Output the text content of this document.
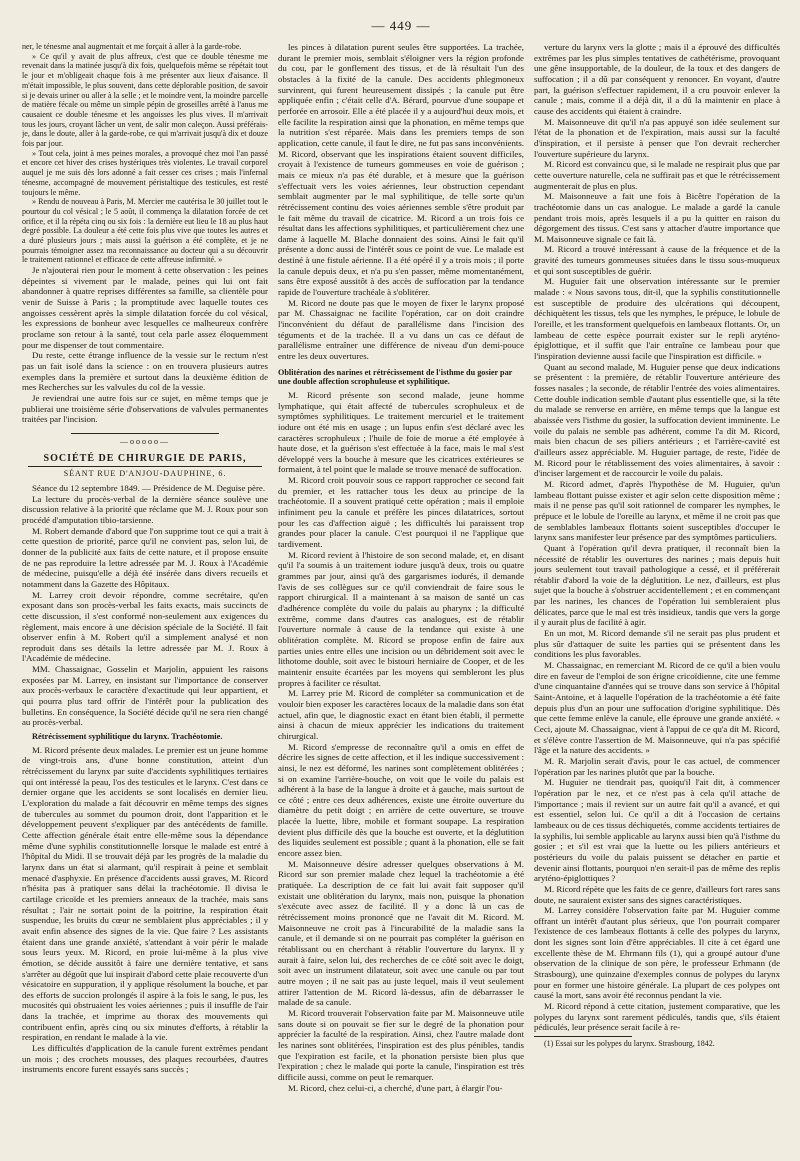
— 449 —

ner, le ténesme anal augmentait et me forçait à aller à la garde-robe.

» Ce qu'il y avait de plus affreux, c'est que ce double ténesme me revenait dans la matinée jusqu'à dix fois, quelquefois même se répétait tout le jour et m'obligeait chaque fois à me présenter aux lieux d'aisance. Il m'était impossible, le plus souvent, dans cette déplorable position, de savoir si je devais uriner ou aller à la selle ; et le moindre vent, la moindre parcelle de matière fécale ou même un simple pépin de groseilles arrêté à l'anus me causaient ce double ténesme et les angoisses les plus vives. Il m'arrivait tous les jours, croyant lâcher un vent, de salir mon caleçon. Aussi préférais-je, dans le doute, aller à la garde-robe, ce qui m'arrivait jusqu'à dix et douze fois par jour.

» Tout cela, joint à mes peines morales, a provoqué chez moi l'an passé et encore cet hiver des crises hystériques très violentes. Le travail corporel auquel je me suis dès lors adonné a fait cesser ces crises ; mais l'infernal ténesme, accompagné de mouvement péristaltique des testicules, est resté toujours le même.

» Rendu de nouveau à Paris, M. Mercier me cautérisa le 30 juillet tout le pourtour du col vésical ; le 5 août, il commença la dilatation forcée de cet orifice, et il la répéta cinq ou six fois : la dernière eut lieu le 18 au plus haut degré possible. La douleur a été cette fois plus vive que toutes les autres et a duré plusieurs jours ; mais aussi la guérison a été complète, et je ne pourrais témoigner assez ma reconnaissance au docteur qui a su découvrir le traitement rationnel et efficace de cette affreuse infirmité. »

Je n'ajouterai rien pour le moment à cette observation : les peines dépeintes si vivement par le malade, peines qui lui ont fait abandonner à quatre reprises différentes sa famille, sa clientèle pour venir de Suisse à Paris ; la promptitude avec laquelle toutes ces angoisses cessèrent après la simple dilatation forcée du col vésical, les expressions de bonheur avec lesquelles ce malheureux confrère proclame son retour à la santé, tout cela parle assez éloquemment pour me dispenser de tout commentaire.

Du reste, cette étrange influence de la vessie sur le rectum n'est pas un fait isolé dans la science : on en trouvera plusieurs autres exemples dans la première et surtout dans la deuxième édition de mes Recherches sur les valvules du col de la vessie.

Je reviendrai une autre fois sur ce sujet, en même temps que je publierai une troisième série d'observations de valvules permanentes traitées par l'incision.

—ooooo—
SOCIÉTÉ DE CHIRURGIE DE PARIS,
SÉANT RUE D'ANJOU-DAUPHINE, 6.

Séance du 12 septembre 1849. — Présidence de M. Deguise père.

La lecture du procès-verbal de la dernière séance soulève une discussion relative à la priorité que réclame que M. J. Roux pour son procédé d'amputation tibio-tarsienne.

M. Robert demande d'abord que l'on supprime tout ce qui a trait à cette question de priorité, parce qu'il ne convient pas, selon lui, de donner de la publicité aux faits de cette nature, et il propose ensuite de ne pas reproduire la lettre adressée par M. J. Roux à l'Académie de médecine, puisqu'elle a déjà été insérée dans divers recueils et notamment dans la Gazette des Hôpitaux.

M. Larrey croit devoir répondre, comme secrétaire, qu'en exposant dans son procès-verbal les faits exacts, mais succincts de cette discussion, il s'est conformé non-seulement aux exigences du règlement, mais encore à une décision spéciale de la Société. Il fait observer enfin à M. Robert qu'il a simplement analysé et non reproduit dans ses détails la lettre adressée par M. J. Roux à l'Académie de médecine.

MM. Chassaignac, Gosselin et Marjolin, appuient les raisons exposées par M. Larrey, en insistant sur l'importance de conserver aux procès-verbaux le caractère d'exactitude qui leur appartient, et qui pourra plus tard offrir de l'intérêt pour la publication des bulletins. En conséquence, la Société décide qu'il ne sera rien changé au procès-verbal.

Rétrécissement syphilitique du larynx. Trachéotomie.

M. Ricord présente deux malades. Le premier est un jeune homme de vingt-trois ans, d'une bonne constitution, atteint d'un rétrécissement du larynx par suite d'accidents syphilitiques tertiaires qui ont intéressé la peau, l'os des testicules et le larynx. C'est dans ce dernier organe que les accidents se sont localisés en dernier lieu. L'exploration du malade a fait découvrir en même temps des signes de tubercules au sommet du poumon droit, dont l'apparition et le développement peuvent s'expliquer par des antécédents de famille. Cette affection générale était entre elle-même sous la dépendance même d'une syphilis constitutionnelle lorsque le malade est entré à l'hôpital du Midi. Il se trouvait déjà par les progrès de la maladie du larynx dans un état si alarmant, qu'il respirait à peine et semblait menacé d'asphyxie. En présence d'accidents aussi graves, M. Ricord n'hésita pas à pratiquer sans délai la trachéotomie. Il divisa le cartilage cricoïde et les premiers anneaux de la trachée, mais sans résultat ; l'air ne sortait point de la poitrine, la respiration était suspendue, les bruits du cœur ne semblaient plus appréciables ; il y avait enfin absence des signes de la vie. Que faire ? Les assistants étaient dans une grande anxiété, s'attendant à voir périr le malade sous leurs yeux. M. Ricord, en proie lui-même à la plus vive émotion, se décide aussitôt à faire une dernière tentative, et sans s'arrêter au dégoût que lui inspirait d'abord cette plaie recouverte d'un vésicatoire en suppuration, il y applique résolument la bouche, et par des efforts de succion prolongés il aspire à la fois le sang, le pus, les mucosités qui obstruaient les voies aériennes ; puis il insuffle de l'air dans la trachée, et imprime au thorax des mouvements qui contribuent enfin, après cinq ou six minutes d'efforts, à rétablir la respiration, en rendant le malade à la vie.

Les difficultés d'application de la canule furent extrêmes pendant un mois ; des crochets mousses, des plaques recourbées, d'autres instruments encore furent essayés sans succès ;

les pinces à dilatation purent seules être supportées. La trachée, durant le premier mois, semblait s'éloigner vers la région profonde du cou, par le gonflement des tissus, et de là résultait l'un des obstacles à la fixité de la canule. Des accidents phlegmoneux survinrent, qui furent heureusement dissipés ; la canule put être appliquée enfin ; c'était celle d'A. Bérard, pourvue d'une soupape et perforée en arrosoir. Elle a été placée il y a aujourd'hui deux mois, et elle facilite la respiration ainsi que la phonation, en même temps que la nutrition s'est réparée. Mais dans les premiers temps de son application, cette canule, il faut le dire, ne fut pas sans inconvénients. M. Ricord, observant que les inspirations étaient souvent difficiles, croyait à l'existence de tumeurs gommeuses en voie de guérison ; mais ce mieux n'a pas été durable, et à mesure que la guérison s'effectuait vers les voies aériennes, leur obstruction cependant semblait augmenter par le mal syphilitique, de telle sorte qu'un rétrécissement continu des voies aériennes semble s'être produit par le fait même du travail de cicatrice. M. Ricord a un trois fois ce résultat dans les affections syphilitiques, et particulièrement chez une dame à laquelle M. Blache donnaient des soins. Ainsi le fait qu'il présente a donc aussi de l'intérêt sous ce point de vue. Le malade est destiné à une fistule aérienne. Il a été opéré il y a trois mois ; il porte la canule depuis deux, et n'a pu s'en passer, même momentanément, sans être exposé aussitôt à des accès de suffocation par la tendance rapide de l'ouverture trachéale à s'oblitérer.

M. Ricord ne doute pas que le moyen de fixer le larynx proposé par M. Chassaignac ne facilite l'opération, car on doit craindre l'inconvénient du défaut de parallélisme dans l'incision des téguments et de la trachée. Il a vu dans un cas ce défaut de parallélisme entraîner une différence de niveau d'un demi-pouce entre les deux ouvertures.

Oblitération des narines et rétrécissement de l'isthme du gosier par une double affection scrophuleuse et syphilitique.

M. Ricord présente son second malade, jeune homme lymphatique, qui était affecté de tubercules scrophuleux et de symptômes syphilitiques. Le traitement mercuriel et le traitement iodure ont été mis en usage ; un lupus enfin s'est déclaré avec les caractères scrophuleux ; l'huile de foie de morue a été employée à haute dose, et la guérison s'est effectuée à la face, mais le mal s'est développé vers la bouche à mesure que les cicatrices extérieures se formaient, à tel point que le malade se trouve menacé de suffocation.

M. Ricord croit pouvoir sous ce rapport rapprocher ce second fait du premier, et les rattacher tous les deux au principe de la trachéotomie. Il a souvent pratiqué cette opération ; mais il emploie infiniment peu la canule et préfère les pinces dilatatrices, sortout pour les cas d'affection aiguë ; les difficultés lui paraissent trop grandes pour placer la canule. C'est pourquoi il ne l'applique que tardivement.

M. Ricord revient à l'histoire de son second malade, et, en disant qu'il l'a soumis à un traitement iodure jusqu'à deux, trois ou quatre grammes par jour, ainsi qu'à des gargarismes iodurés, il demande l'avis de ses collègues sur ce qu'il conviendrait de faire sous le rapport chirurgical. Il a maintenant à sa maison de santé un cas d'adhérence complète du voile du palais au pharynx ; la difficulté extrême, comme dans d'autres cas analogues, est de rétablir l'ouverture normale à cause de la tendance qui existe à une oblitération complète. M. Ricord se propose enfin de faire aux parties unies entre elles une incision ou un débridement soit avec le lithotome double, soit avec le bistouri herniaire de Cooper, et de les maintenir ensuite écartées par les moyens qui sembleront les plus propres à faciliter ce résultat.

M. Larrey prie M. Ricord de compléter sa communication et de vouloir bien exposer les caractères locaux de la maladie dans son état actuel, afin que, le diagnostic exact en étant bien établi, il permette ainsi à chacun de mieux apprécier les indications du traitement chirurgical.

M. Ricord s'empresse de reconnaître qu'il a omis en effet de décrire les signes de cette affection, et il les indique successivement : ainsi, le nez est déformé, les narines sont complètement oblitérées ; si on examine l'arrière-bouche, on voit que le voile du palais est adhérent à la base de la langue à droite et à gauche, mais surtout de ce côté ; entre ces deux adhérences, existe une étroite ouverture du diamètre du petit doigt ; en arrière de cette ouverture, se trouve placée la luette, libre, mobile et formant soupape. La respiration devient plus difficile dès que la bouche est ouverte, et la déglutition des liquides seulement est possible ; quant à la phonation, elle se fait encore assez bien.

M. Maisonneuve désire adresser quelques observations à M. Ricord sur son premier malade chez lequel la trachéotomie a été pratiquée. La description de ce fait lui avait fait supposer qu'il existait une oblitération du larynx, mais non, puisque la phonation s'exécute avec assez de facilité. Il y a donc là un cas de rétrécissement moins prononcé que ne l'avait dit M. Ricord. M. Maisonneuve ne croit pas à l'incurabilité de la maladie sans la canule, et il demande si on ne pourrait pas compléter la guérison en rétablissant ou en cherchant à rétablir l'ouverture du larynx. Il y aurait à faire, selon lui, des recherches de ce côté soit avec le doigt, soit avec un instrument dilatateur, soit avec une canule ou par tout autre moyen ; il ne sait pas au juste lequel, mais il veut seulement attirer l'attention de M. Ricord là-dessus, afin de débarrasser le malade de sa canule.

M. Ricord trouverait l'observation faite par M. Maisonneuve utile sans doute si on pouvait se fier sur le degré de la phonation pour apprécier la faculté de la respiration. Ainsi, chez l'autre malade dont les narines sont oblitérées, l'inspiration est des plus pénibles, tandis que l'expiration est facile, et la phonation persiste bien plus que l'expiration ; chez le malade qui porte la canule, l'inspiration est très difficile aussi, comme on peut le remarquer.

M. Ricord, chez celui-ci, a cherché, d'une part, à élargir l'ou-

verture du larynx vers la glotte ; mais il a éprouvé des difficultés extrêmes par les plus simples tentatives de cathétérisme, provoquant une gêne insupportable, de la douleur, de la toux et des dangers de suffocation ; il a dû par conséquent y renoncer. En voyant, d'autre part, la guérison s'effectuer rapidement, il a cru pouvoir enlever la canule ; mais, comme il a déjà dit, il a dû la maintenir en place à cause des accidents qui étaient à craindre.

M. Maisonneuve dit qu'il n'a pas appuyé son idée seulement sur l'état de la phonation et de l'expiration, mais aussi sur la faculté d'inspiration, et il persiste à penser que l'on devrait rechercher l'ouverture supérieure du larynx.

M. Ricord est convaincu que, si le malade ne respirait plus que par cette ouverture naturelle, cela ne suffirait pas et que le rétrécissement augmenterait de plus en plus.

M. Maisonneuve a fait une fois à Bicêtre l'opération de la trachéotomie dans un cas analogue. Le malade a gardé la canule pendant trois mois, après lesquels il a pu la quitter en raison du dégorgement des tissus. C'est sans y attacher d'autre importance que M. Maisonneuve signale ce fait là.

M. Ricord a trouvé intéressant à cause de la fréquence et de la gravité des tumeurs gommeuses situées dans le tissu sous-muqueux et qui sont susceptibles de guérir.

M. Huguier fait une observation intéressante sur le premier malade : « Nous savons tous, dit-il, que la syphilis constitutionnelle est susceptible de produire des ulcérations qui découpent, déchiquètent les tissus, tels que les nymphes, le prépuce, le lobule de l'oreille, et les transforment quelquefois en lambeaux flottants. Or, un lambeau de cette espèce pourrait exister sur le repli aryténo-épiglottique, et il suffit que l'air entraîne ce lambeau pour que l'inspiration devienne aussi facile que l'inspiration est difficile. »

Quant au second malade, M. Huguier pense que deux indications se présentent : la première, de rétablir l'ouverture antérieure des fosses nasales ; la seconde, de rétablir l'entrée des voies alimentaires. Cette double indication semble d'autant plus essentielle que, si la tête du malade se renverse en arrière, en même temps que la langue est abaissée vers l'isthme du gosier, la suffocation devient imminente. Le voile du palais ne semble pas adhérent, comme l'a dit M. Ricord, mais bien chacun de ses piliers antérieurs ; et l'arrière-cavité est d'ailleurs assez appréciable. M. Huguier partage, de reste, l'idée de M. Ricord pour le rétablissement des voies alimentaires, à savoir : d'inciser largement et de raccourcir le voile du palais.

M. Ricord admet, d'après l'hypothèse de M. Huguier, qu'un lambeau flottant puisse exister et agir selon cette disposition même ; mais il ne pense pas qu'il soit rationnel de comparer les nymphes, le prépuce et le lobule de l'oreille au larynx, et même il ne croit pas que de semblables lambeaux flottants soient susceptibles d'occuper le larynx sans manifester leur présence par des symptômes particuliers.

Quant à l'opération qu'il devra pratiquer, il reconnaît bien la nécessité de rétablir les ouvertures des narines ; mais depuis huit jours seulement tout travail pathologique a cessé, et il préférerait rétablir d'abord la voie de la déglutition. Le nez, d'ailleurs, est plus sujet que la bouche à s'obstruer accidentellement ; et en commençant par les narines, les chances de l'opération lui sembleraient plus délicates, parce que le mal est très insidieux, tandis que vers la gorge il y aurait plus de facilité à agir.

En un mot, M. Ricord demande s'il ne serait pas plus prudent et plus sûr d'attaquer de suite les parties qui se présentent dans les conditions les plus favorables.

M. Chassaignac, en remerciant M. Ricord de ce qu'il a bien voulu dire en faveur de l'emploi de son érigne cricoïdienne, cite une femme d'une cinquantaine d'années qui se trouve dans son service à l'hôpital Saint-Antoine, et à laquelle l'opération de la trachéotomie a été faite depuis plus d'un an pour une suffocation d'origine syphilitique. Dès que cette femme enlève la canule, elle éprouve une grande anxiété. « Ceci, ajoute M. Chassaignac, vient à l'appui de ce qu'a dit M. Ricord, et s'élève contre l'assertion de M. Maisonneuve, qui n'a pas spécifié l'âge et la nature des accidents. »

M. R. Marjolin serait d'avis, pour le cas actuel, de commencer l'opération par les narines plutôt que par la bouche.

M. Huguier ne tiendrait pas, quoiqu'il l'ait dit, à commencer l'opération par le nez, et ce n'est pas à cela qu'il attache de l'importance ; mais il revient sur un autre fait qu'il a avancé, et qui est essentiel, selon lui. Ce qu'il a dit à l'occasion de certains lambeaux ou de ces tissus déchiquetés, comme accidents tertiaires de la syphilis, lui semble applicable au larynx aussi bien qu'à l'isthme du gosier ; et s'il est vrai que la luette ou les piliers antérieurs et postérieurs du voile du palais puissent se détacher en partie et devenir ainsi flottants, pourquoi n'en serait-il pas de même des replis aryténo-épiglottiques ?

M. Ricord répète que les faits de ce genre, d'ailleurs fort rares sans doute, ne sauraient exister sans des signes caractéristiques.

M. Larrey considère l'observation faite par M. Huguier comme offrant un intérêt d'autant plus sérieux, que l'on pourrait comparer l'existence de ces lambeaux flottants à celle des polypes du larynx, dont les signes sont loin d'être appréciables. Il cite à cet égard une excellente thèse de M. Ehrmann fils (1), qui a groupé autour d'une observation de la clinique de son père, le professeur Erhmann (de Strasbourg), une quinzaine d'exemples connus de polypes du larynx pour en former une histoire générale. La plupart de ces polypes ont causé la mort, sans avoir été reconnus pendant la vie.

M. Ricord répond à cette citation, justement comparative, que les polypes du larynx sont rarement pédiculés, tandis que, s'ils étaient pédiculés, leur présence serait facile à re-

(1) Essai sur les polypes du larynx. Strasbourg, 1842.
